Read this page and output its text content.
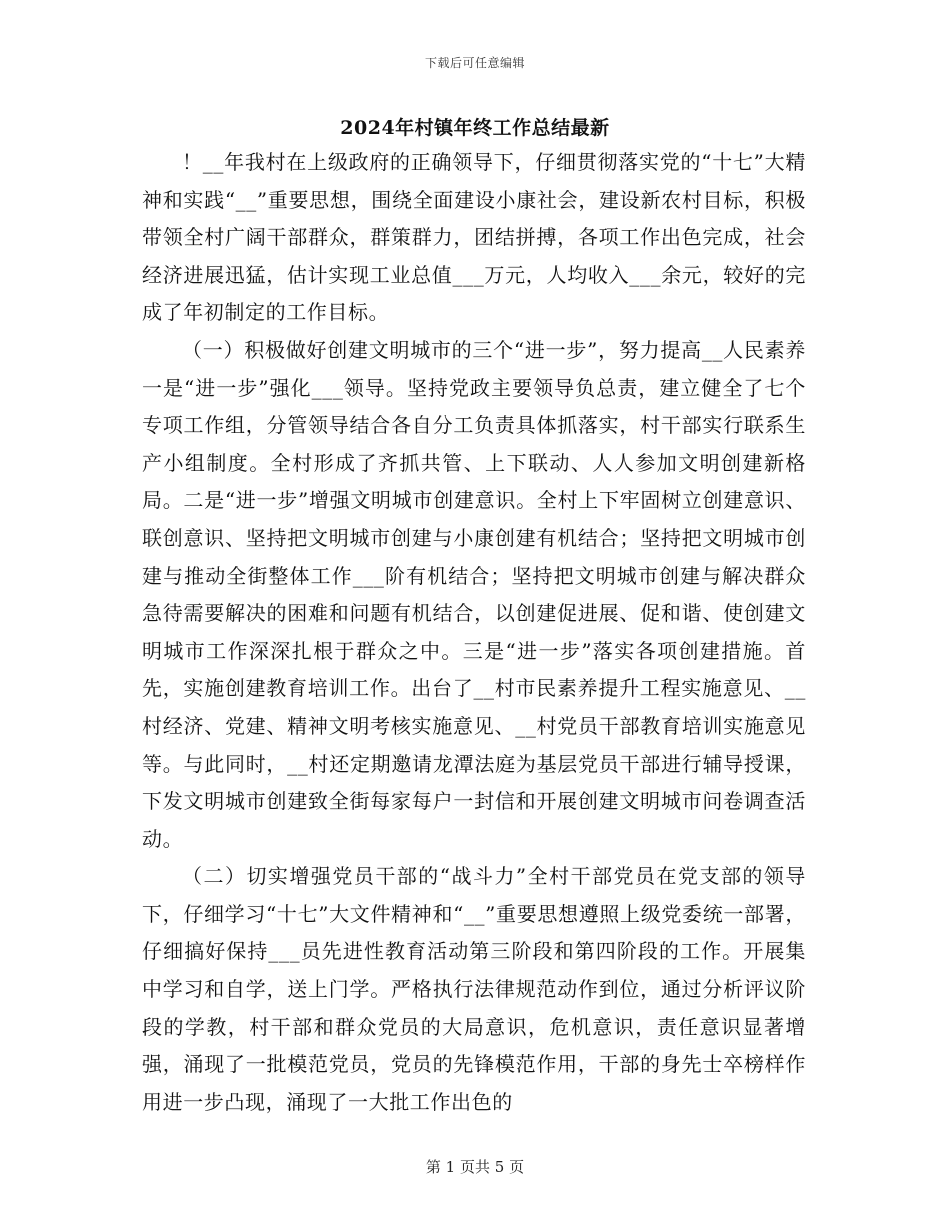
下载后可任意编辑
2024年村镇年终工作总结最新

！__年我村在上级政府的正确领导下，仔细贯彻落实党的“十七”大精神和实践“__”重要思想，围绕全面建设小康社会，建设新农村目标，积极带领全村广阔干部群众，群策群力，团结拼搏，各项工作出色完成，社会经济进展迅猛，估计实现工业总值___万元，人均收入___余元，较好的完成了年初制定的工作目标。

（一）积极做好创建文明城市的三个“进一步”，努力提高__人民素养一是“进一步”强化___领导。坚持党政主要领导负总责，建立健全了七个专项工作组，分管领导结合各自分工负责具体抓落实，村干部实行联系生产小组制度。全村形成了齐抓共管、上下联动、人人参加文明创建新格局。二是“进一步”增强文明城市创建意识。全村上下牢固树立创建意识、联创意识、坚持把文明城市创建与小康创建有机结合；坚持把文明城市创建与推动全街整体工作___阶有机结合；坚持把文明城市创建与解决群众急待需要解决的困难和问题有机结合，以创建促进展、促和谐、使创建文明城市工作深深扎根于群众之中。三是“进一步”落实各项创建措施。首先，实施创建教育培训工作。出台了__村市民素养提升工程实施意见、__村经济、党建、精神文明考核实施意见、__村党员干部教育培训实施意见等。与此同时，__村还定期邀请龙潭法庭为基层党员干部进行辅导授课，下发文明城市创建致全街每家每户一封信和开展创建文明城市问卷调查活动。

（二）切实增强党员干部的“战斗力”全村干部党员在党支部的领导下，仔细学习“十七”大文件精神和“__”重要思想遵照上级党委统一部署，仔细搞好保持___员先进性教育活动第三阶段和第四阶段的工作。开展集中学习和自学，送上门学。严格执行法律规范动作到位，通过分析评议阶段的学教，村干部和群众党员的大局意识，危机意识，责任意识显著增强，涌现了一批模范党员，党员的先锋模范作用，干部的身先士卒榜样作用进一步凸现，涌现了一大批工作出色的

第 1 页共 5 页
